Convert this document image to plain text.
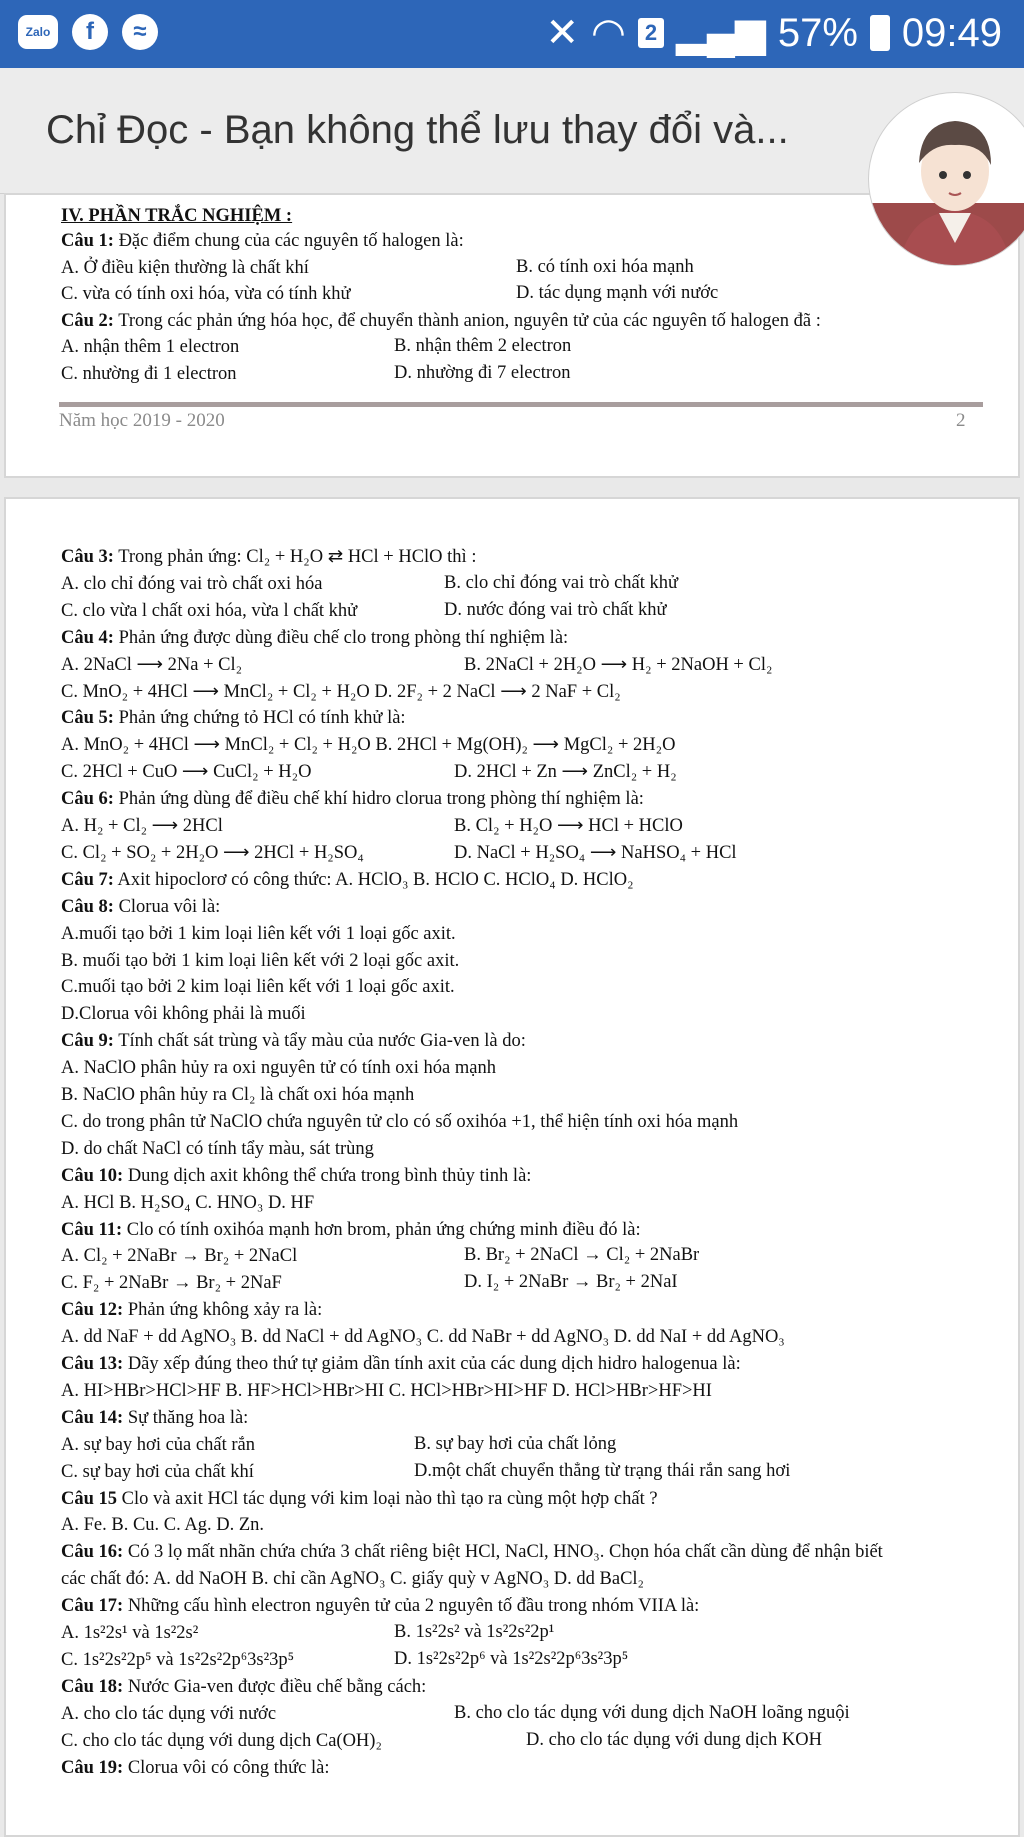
Zalo	f	≈	✕ ◠ 2 ▂▄▆ 57% 09:49
Chỉ Đọc - Bạn không thể lưu thay đổi và...
IV. PHẦN TRẮC NGHIỆM :
Câu 1: Đặc điểm chung của các nguyên tố halogen là:
A. Ở điều kiện thường là chất khí	B. có tính oxi hóa mạnh
C. vừa có tính oxi hóa, vừa có tính khử	D. tác dụng mạnh với nước
Câu 2: Trong các phản ứng hóa học, để chuyển thành anion, nguyên tử của các nguyên tố halogen đã :
A. nhận thêm 1 electron	B. nhận thêm 2 electron
C. nhường đi 1 electron	D. nhường đi 7 electron
Năm học 2019 - 2020	2
Câu 3: Trong phản ứng: Cl₂ + H₂O ⇄ HCl + HClO thì :
A. clo chỉ đóng vai trò chất oxi hóa	B. clo chỉ đóng vai trò chất khử
C. clo vừa l chất oxi hóa, vừa l chất khử	D. nước đóng vai trò chất khử
Câu 4: Phản ứng được dùng điều chế clo trong phòng thí nghiệm là:
A. 2NaCl ⟶ 2Na + Cl₂	B. 2NaCl + 2H₂O ⟶ H₂ + 2NaOH + Cl₂
C. MnO₂ + 4HCl ⟶ MnCl₂ + Cl₂ + H₂O D. 2F₂ + 2 NaCl ⟶ 2 NaF + Cl₂
Câu 5: Phản ứng chứng tỏ HCl có tính khử là:
A. MnO₂ + 4HCl ⟶ MnCl₂ + Cl₂ + H₂O B. 2HCl + Mg(OH)₂ ⟶ MgCl₂ + 2H₂O
C. 2HCl + CuO ⟶ CuCl₂ + H₂O	D. 2HCl + Zn ⟶ ZnCl₂ + H₂
Câu 6: Phản ứng dùng để điều chế khí hidro clorua trong phòng thí nghiệm là:
A. H₂ + Cl₂ ⟶ 2HCl	B. Cl₂ + H₂O ⟶ HCl + HClO
C. Cl₂ + SO₂ + 2H₂O ⟶ 2HCl + H₂SO₄	D. NaCl + H₂SO₄ ⟶ NaHSO₄ + HCl
Câu 7: Axit hipoclorơ có công thức: A. HClO₃ B. HClO C. HClO₄ D. HClO₂
Câu 8: Clorua vôi là:
A.muối tạo bởi 1 kim loại liên kết với 1 loại gốc axit.
B. muối tạo bởi 1 kim loại liên kết với 2 loại gốc axit.
C.muối tạo bởi 2 kim loại liên kết với 1 loại gốc axit.
D.Clorua vôi không phải là muối
Câu 9: Tính chất sát trùng và tẩy màu của nước Gia-ven là do:
A. NaClO phân hủy ra oxi nguyên tử có tính oxi hóa mạnh
B. NaClO phân hủy ra Cl₂ là chất oxi hóa mạnh
C. do trong phân tử NaClO chứa nguyên tử clo có số oxihóa +1, thể hiện tính oxi hóa mạnh
D. do chất NaCl có tính tẩy màu, sát trùng
Câu 10: Dung dịch axit không thể chứa trong bình thủy tinh là:
A. HCl B. H₂SO₄ C. HNO₃ D. HF
Câu 11: Clo có tính oxihóa mạnh hơn brom, phản ứng chứng minh điều đó là:
A. Cl₂ + 2NaBr → Br₂ + 2NaCl	B. Br₂ + 2NaCl → Cl₂ + 2NaBr
C. F₂ + 2NaBr → Br₂ + 2NaF	D. I₂ + 2NaBr → Br₂ + 2NaI
Câu 12: Phản ứng không xảy ra là:
A. dd NaF + dd AgNO₃ B. dd NaCl + dd AgNO₃ C. dd NaBr + dd AgNO₃ D. dd NaI + dd AgNO₃
Câu 13: Dãy xếp đúng theo thứ tự giảm dần tính axit của các dung dịch hidro halogenua là:
A. HI>HBr>HCl>HF B. HF>HCl>HBr>HI C. HCl>HBr>HI>HF D. HCl>HBr>HF>HI
Câu 14: Sự thăng hoa là:
A. sự bay hơi của chất rắn	B. sự bay hơi của chất lỏng
C. sự bay hơi của chất khí	D.một chất chuyển thẳng từ trạng thái rắn sang hơi
Câu 15 Clo và axit HCl tác dụng với kim loại nào thì tạo ra cùng một hợp chất ?
A. Fe. B. Cu. C. Ag. D. Zn.
Câu 16: Có 3 lọ mất nhãn chứa chứa 3 chất riêng biệt HCl, NaCl, HNO₃. Chọn hóa chất cần dùng để nhận biết
các chất đó: A. dd NaOH B. chỉ cần AgNO₃ C. giấy quỳ v AgNO₃ D. dd BaCl₂
Câu 17: Những cấu hình electron nguyên tử của 2 nguyên tố đầu trong nhóm VIIA là:
A. 1s²2s¹ và 1s²2s²	B. 1s²2s² và 1s²2s²2p¹
C. 1s²2s²2p⁵ và 1s²2s²2p⁶3s²3p⁵	D. 1s²2s²2p⁶ và 1s²2s²2p⁶3s²3p⁵
Câu 18: Nước Gia-ven được điều chế bằng cách:
A. cho clo tác dụng với nước	B. cho clo tác dụng với dung dịch NaOH loãng nguội
C. cho clo tác dụng với dung dịch Ca(OH)₂	D. cho clo tác dụng với dung dịch KOH
Câu 19: Clorua vôi có công thức là:
